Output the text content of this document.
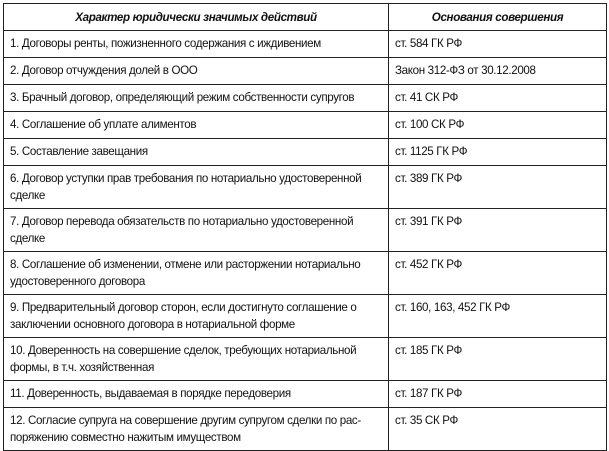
Характер юридически значимых действий	Основания совершения
1. Договоры ренты, пожизненного содержания с иждивением	ст. 584 ГК РФ
2. Договор отчуждения долей в ООО	Закон 312-ФЗ от 30.12.2008
3. Брачный договор, определяющий режим собственности супругов	ст. 41 СК РФ
4. Соглашение об уплате алиментов	ст. 100 СК РФ
5. Составление завещания	ст. 1125 ГК РФ
6. Договор уступки прав требования по нотариально удостоверенной сделке	ст. 389 ГК РФ
7. Договор перевода обязательств по нотариально удостоверенной сделке	ст. 391 ГК РФ
8. Соглашение об изменении, отмене или расторжении нотариально удостоверенного договора	ст. 452 ГК РФ
9. Предварительный договор сторон, если достигнуто соглашение о заключении основного договора в нотариальной форме	ст. 160, 163, 452 ГК РФ
10. Доверенность на совершение сделок, требующих нотариальной формы, в т.ч. хозяйственная	ст. 185 ГК РФ
11. Доверенность, выдаваемая в порядке передоверия	ст. 187 ГК РФ
12. Согласие супруга на совершение другим супругом сделки по рас-поряжению совместно нажитым имуществом	ст. 35 СК РФ
